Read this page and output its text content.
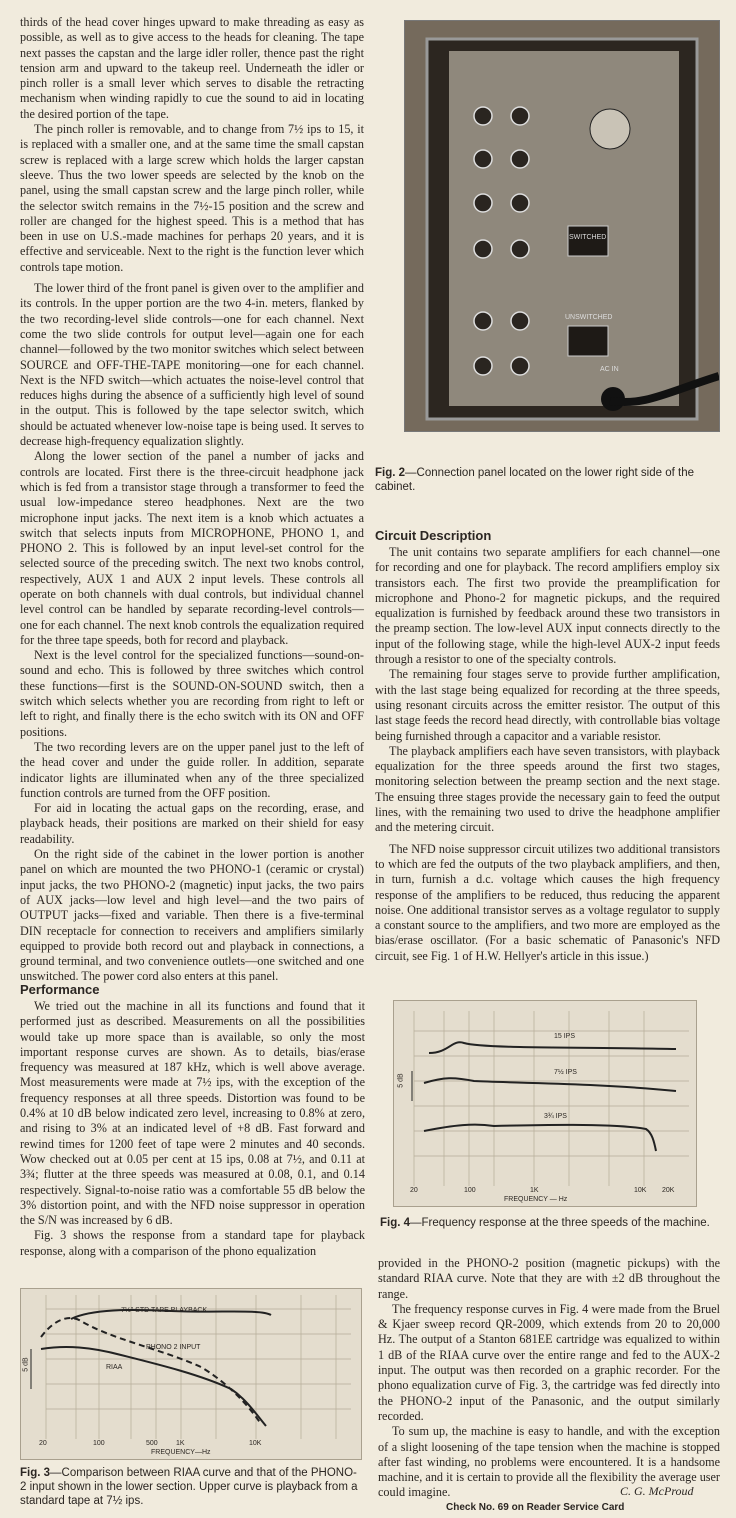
thirds of the head cover hinges upward to make threading as easy as possible, as well as to give access to the heads for cleaning. The tape next passes the capstan and the large idler roller, thence past the right tension arm and upward to the takeup reel. Underneath the idler or pinch roller is a small lever which serves to disable the retracting mechanism when winding rapidly to cue the sound to aid in locating the desired portion of the tape.

The pinch roller is removable, and to change from 7½ ips to 15, it is replaced with a smaller one, and at the same time the small capstan screw is replaced with a large screw which holds the larger capstan sleeve. Thus the two lower speeds are selected by the knob on the panel, using the small capstan screw and the large pinch roller, while the selector switch remains in the 7½-15 position and the screw and roller are changed for the highest speed. This is a method that has been in use on U.S.-made machines for perhaps 20 years, and it is effective and serviceable. Next to the right is the function lever which controls tape motion.

The lower third of the front panel is given over to the amplifier and its controls. In the upper portion are the two 4-in. meters, flanked by the two recording-level slide controls—one for each channel. Next come the two slide controls for output level—again one for each channel—followed by the two monitor switches which select between SOURCE and OFF-THE-TAPE monitoring—one for each channel. Next is the NFD switch—which actuates the noise-level control that reduces highs during the absence of a sufficiently high level of sound in the output. This is followed by the tape selector switch, which should be actuated whenever low-noise tape is being used. It serves to decrease high-frequency equalization slightly.

Along the lower section of the panel a number of jacks and controls are located. First there is the three-circuit headphone jack which is fed from a transistor stage through a transformer to feed the usual low-impedance stereo headphones. Next are the two microphone input jacks. The next item is a knob which actuates a switch that selects inputs from MICROPHONE, PHONO 1, and PHONO 2. This is followed by an input level-set control for the selected source of the preceding switch. The next two knobs control, respectively, AUX 1 and AUX 2 input levels. These controls all operate on both channels with dual controls, but individual channel level control can be handled by separate recording-level controls—one for each channel. The next knob controls the equalization required for the three tape speeds, both for record and playback.

Next is the level control for the specialized functions—sound-on-sound and echo. This is followed by three switches which control these functions—first is the SOUND-ON-SOUND switch, then a switch which selects whether you are recording from right to left or left to right, and finally there is the echo switch with its ON and OFF positions.

The two recording levers are on the upper panel just to the left of the head cover and under the guide roller. In addition, separate indicator lights are illuminated when any of the three specialized function controls are turned from the OFF position.

For aid in locating the actual gaps on the recording, erase, and playback heads, their positions are marked on their shield for easy readability.

On the right side of the cabinet in the lower portion is another panel on which are mounted the two PHONO-1 (ceramic or crystal) input jacks, the two PHONO-2 (magnetic) input jacks, the two pairs of AUX jacks—low level and high level—and the two pairs of OUTPUT jacks—fixed and variable. Then there is a five-terminal DIN receptacle for connection to receivers and amplifiers similarly equipped to provide both record out and playback in connections, a ground terminal, and two convenience outlets—one switched and one unswitched. The power cord also enters at this panel.

SWITCHED
UNSWITCHED
AC IN
Fig. 2—Connection panel located on the lower right side of the cabinet.
Circuit Description

The unit contains two separate amplifiers for each channel—one for recording and one for playback. The record amplifiers employ six transistors each. The first two provide the preamplification for microphone and Phono-2 for magnetic pickups, and the required equalization is furnished by feedback around these two transistors in the preamp section. The low-level AUX input connects directly to the input of the following stage, while the high-level AUX-2 input feeds through a resistor to one of the specialty controls.

The remaining four stages serve to provide further amplification, with the last stage being equalized for recording at the three speeds, using resonant circuits across the emitter resistor. The output of this last stage feeds the record head directly, with controllable bias voltage being furnished through a capacitor and a variable resistor.

The playback amplifiers each have seven transistors, with playback equalization for the three speeds around the first two stages, monitoring selection between the preamp section and the next stage. The ensuing three stages provide the necessary gain to feed the output lines, with the remaining two used to drive the headphone amplifier and the metering circuit.

The NFD noise suppressor circuit utilizes two additional transistors to which are fed the outputs of the two playback amplifiers, and then, in turn, furnish a d.c. voltage which causes the high frequency response of the amplifiers to be reduced, thus reducing the apparent noise. One additional transistor serves as a voltage regulator to supply a constant source to the amplifiers, and two more are employed as the bias/erase oscillator. (For a basic schematic of Panasonic's NFD circuit, see Fig. 1 of H.W. Hellyer's article in this issue.)

Performance

We tried out the machine in all its functions and found that it performed just as described. Measurements on all the possibilities would take up more space than is available, so only the most important response curves are shown. As to details, bias/erase frequency was measured at 187 kHz, which is well above average. Most measurements were made at 7½ ips, with the exception of the frequency responses at all three speeds. Distortion was found to be 0.4% at 10 dB below indicated zero level, increasing to 0.8% at zero, and rising to 3% at an indicated level of +8 dB. Fast forward and rewind times for 1200 feet of tape were 2 minutes and 40 seconds. Wow checked out at 0.05 per cent at 15 ips, 0.08 at 7½, and 0.11 at 3¾; flutter at the three speeds was measured at 0.08, 0.1, and 0.14 respectively. Signal-to-noise ratio was a comfortable 55 dB below the 3% distortion point, and with the NFD noise suppressor in operation the S/N was increased by 6 dB.

Fig. 3 shows the response from a standard tape for playback response, along with a comparison of the phono equalization

15 IPS
7½ IPS
3¾ IPS
5 dB
20	100	1K	10K 20K
FREQUENCY — Hz
Fig. 4—Frequency response at the three speeds of the machine.

provided in the PHONO-2 position (magnetic pickups) with the standard RIAA curve. Note that they are with ±2 dB throughout the range.

The frequency response curves in Fig. 4 were made from the Bruel & Kjaer sweep record QR-2009, which extends from 20 to 20,000 Hz. The output of a Stanton 681EE cartridge was equalized to within 1 dB of the RIAA curve over the entire range and fed to the AUX-2 input. The output was then recorded on a graphic recorder. For the phono equalization curve of Fig. 3, the cartridge was fed directly into the PHONO-2 input of the Panasonic, and the output similarly recorded.

To sum up, the machine is easy to handle, and with the exception of a slight loosening of the tape tension when the machine is stopped after fast winding, no problems were encountered. It is a handsome machine, and it is certain to provide all the flexibility the average user could imagine.	C. G. McProud
Check No. 69 on Reader Service Card
7½" STD TAPE PLAYBACK
PHONO 2 INPUT
RIAA
5 dB
20	100	500	1K	10K
FREQUENCY—Hz
Fig. 3—Comparison between RIAA curve and that of the PHONO-2 input shown in the lower section. Upper curve is playback from a standard tape at 7½ ips.
